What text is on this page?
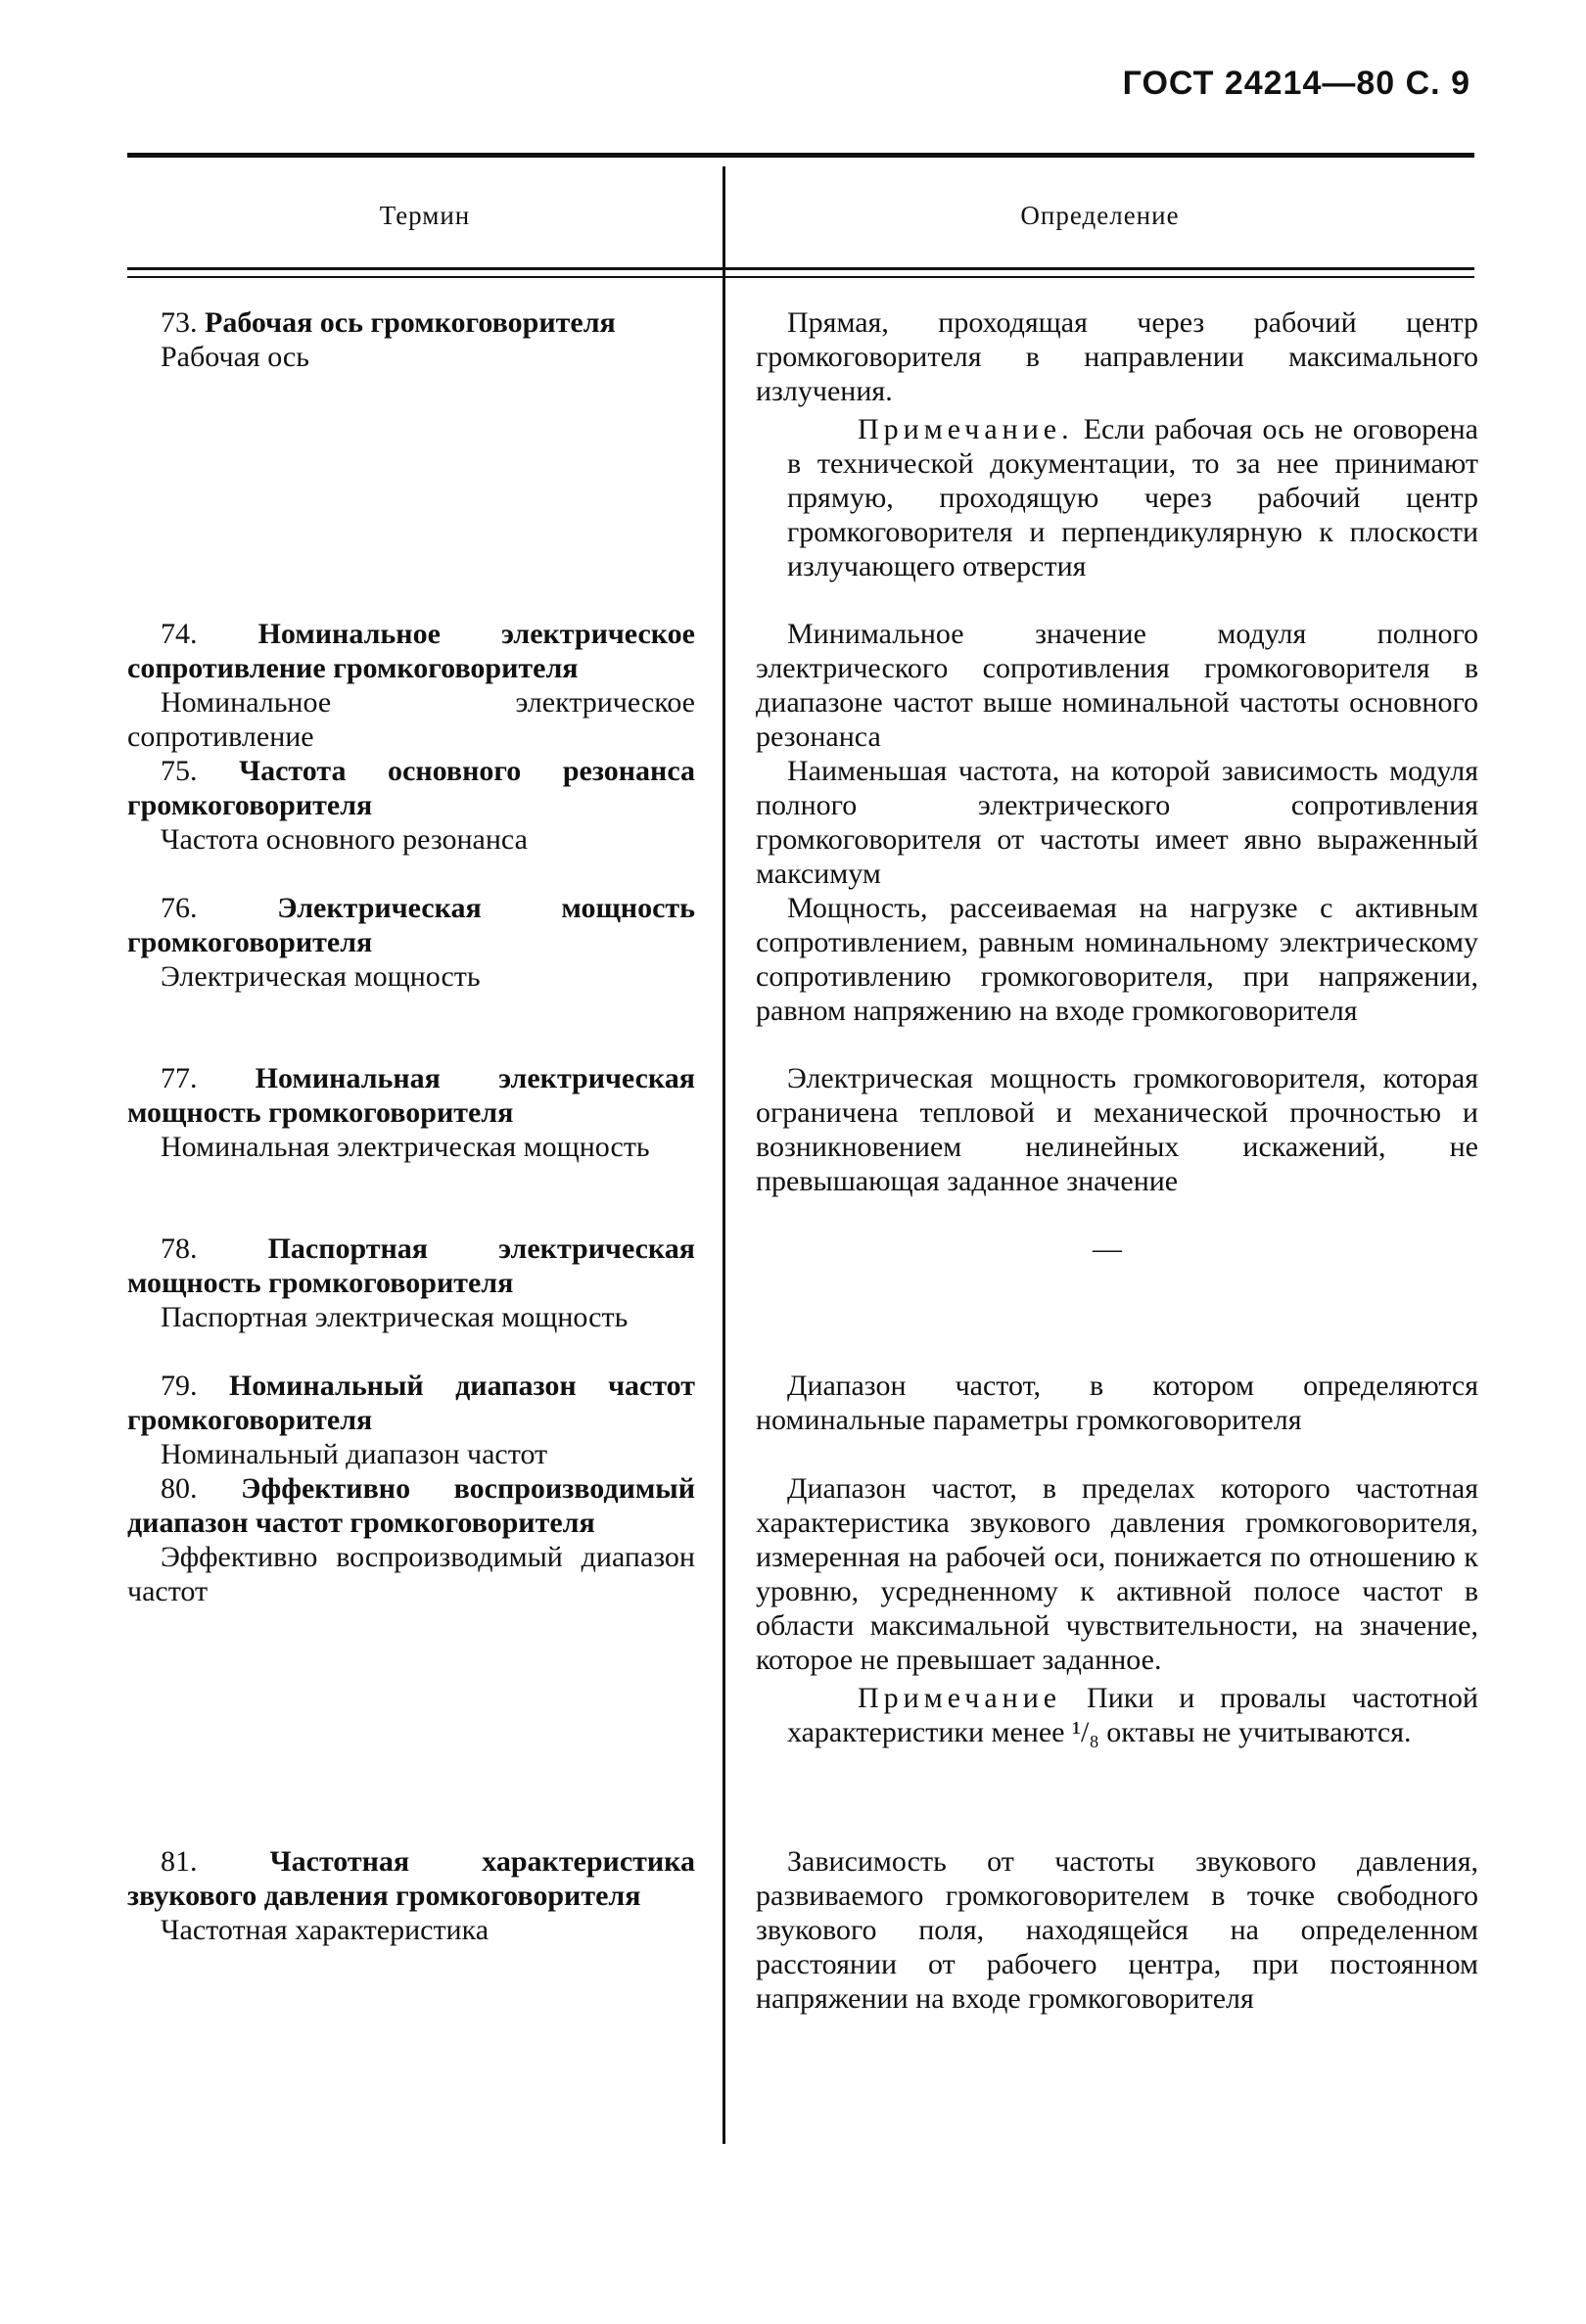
ГОСТ 24214—80 С. 9
Термин	Определение
73. Рабочая ось громкоговорителя
Рабочая ось
74. Номинальное электрическое сопротивление громкоговорителя
Номинальное электрическое сопротивление
75. Частота основного резонанса громкоговорителя
Частота основного резонанса
76.	Электрическая мощность громкоговорителя
Электрическая мощность
77. Номинальная электрическая мощность громкоговорителя
Номинальная электрическая мощность
78. Паспортная электрическая мощность громкоговорителя
Паспортная электрическая мощность
79. Номинальный диапазон частот громкоговорителя
Номинальный диапазон частот
80. Эффективно воспроизводимый диапазон частот громкоговорителя
Эффективно воспроизводимый диапазон частот
81. Частотная характеристика звукового давления громкоговорителя
Частотная характеристика
Прямая, проходящая через рабочий центр громкоговорителя в направлении максимального излучения.
Примечание. Если рабочая ось не оговорена в технической документации, то за нее принимают прямую, проходящую через рабочий центр громкоговорителя и перпендикулярную к плоскости излучающего отверстия
Минимальное значение модуля полного электрического сопротивления громкоговорителя в диапазоне частот выше номинальной частоты основного резонанса
Наименьшая частота, на которой зависимость модуля полного электрического сопротивления громкоговорителя от частоты имеет явно выраженный максимум
Мощность, рассеиваемая на нагрузке с активным сопротивлением, равным номинальному электрическому сопротивлению громкоговорителя, при напряжении, равном напряжению на входе громкоговорителя
Электрическая мощность громкоговорителя, которая ограничена тепловой и механической прочностью и возникновением нелинейных искажений, не превышающая заданное значение
—
Диапазон частот, в котором определяются номинальные параметры громкоговорителя
Диапазон частот, в пределах которого частотная характеристика звукового давления громкоговорителя, измеренная на рабочей оси, понижается по отношению к уровню, усредненному к активной полосе частот в области максимальной чувствительности, на значение, которое не превышает заданное.
Примечание Пики и провалы частотной характеристики менее ¹/₈ октавы не учитываются.
Зависимость от частоты звукового давления, развиваемого громкоговорителем в точке свободного звукового поля, находящейся на определенном расстоянии от рабочего центра, при постоянном напряжении на входе громкоговорителя
